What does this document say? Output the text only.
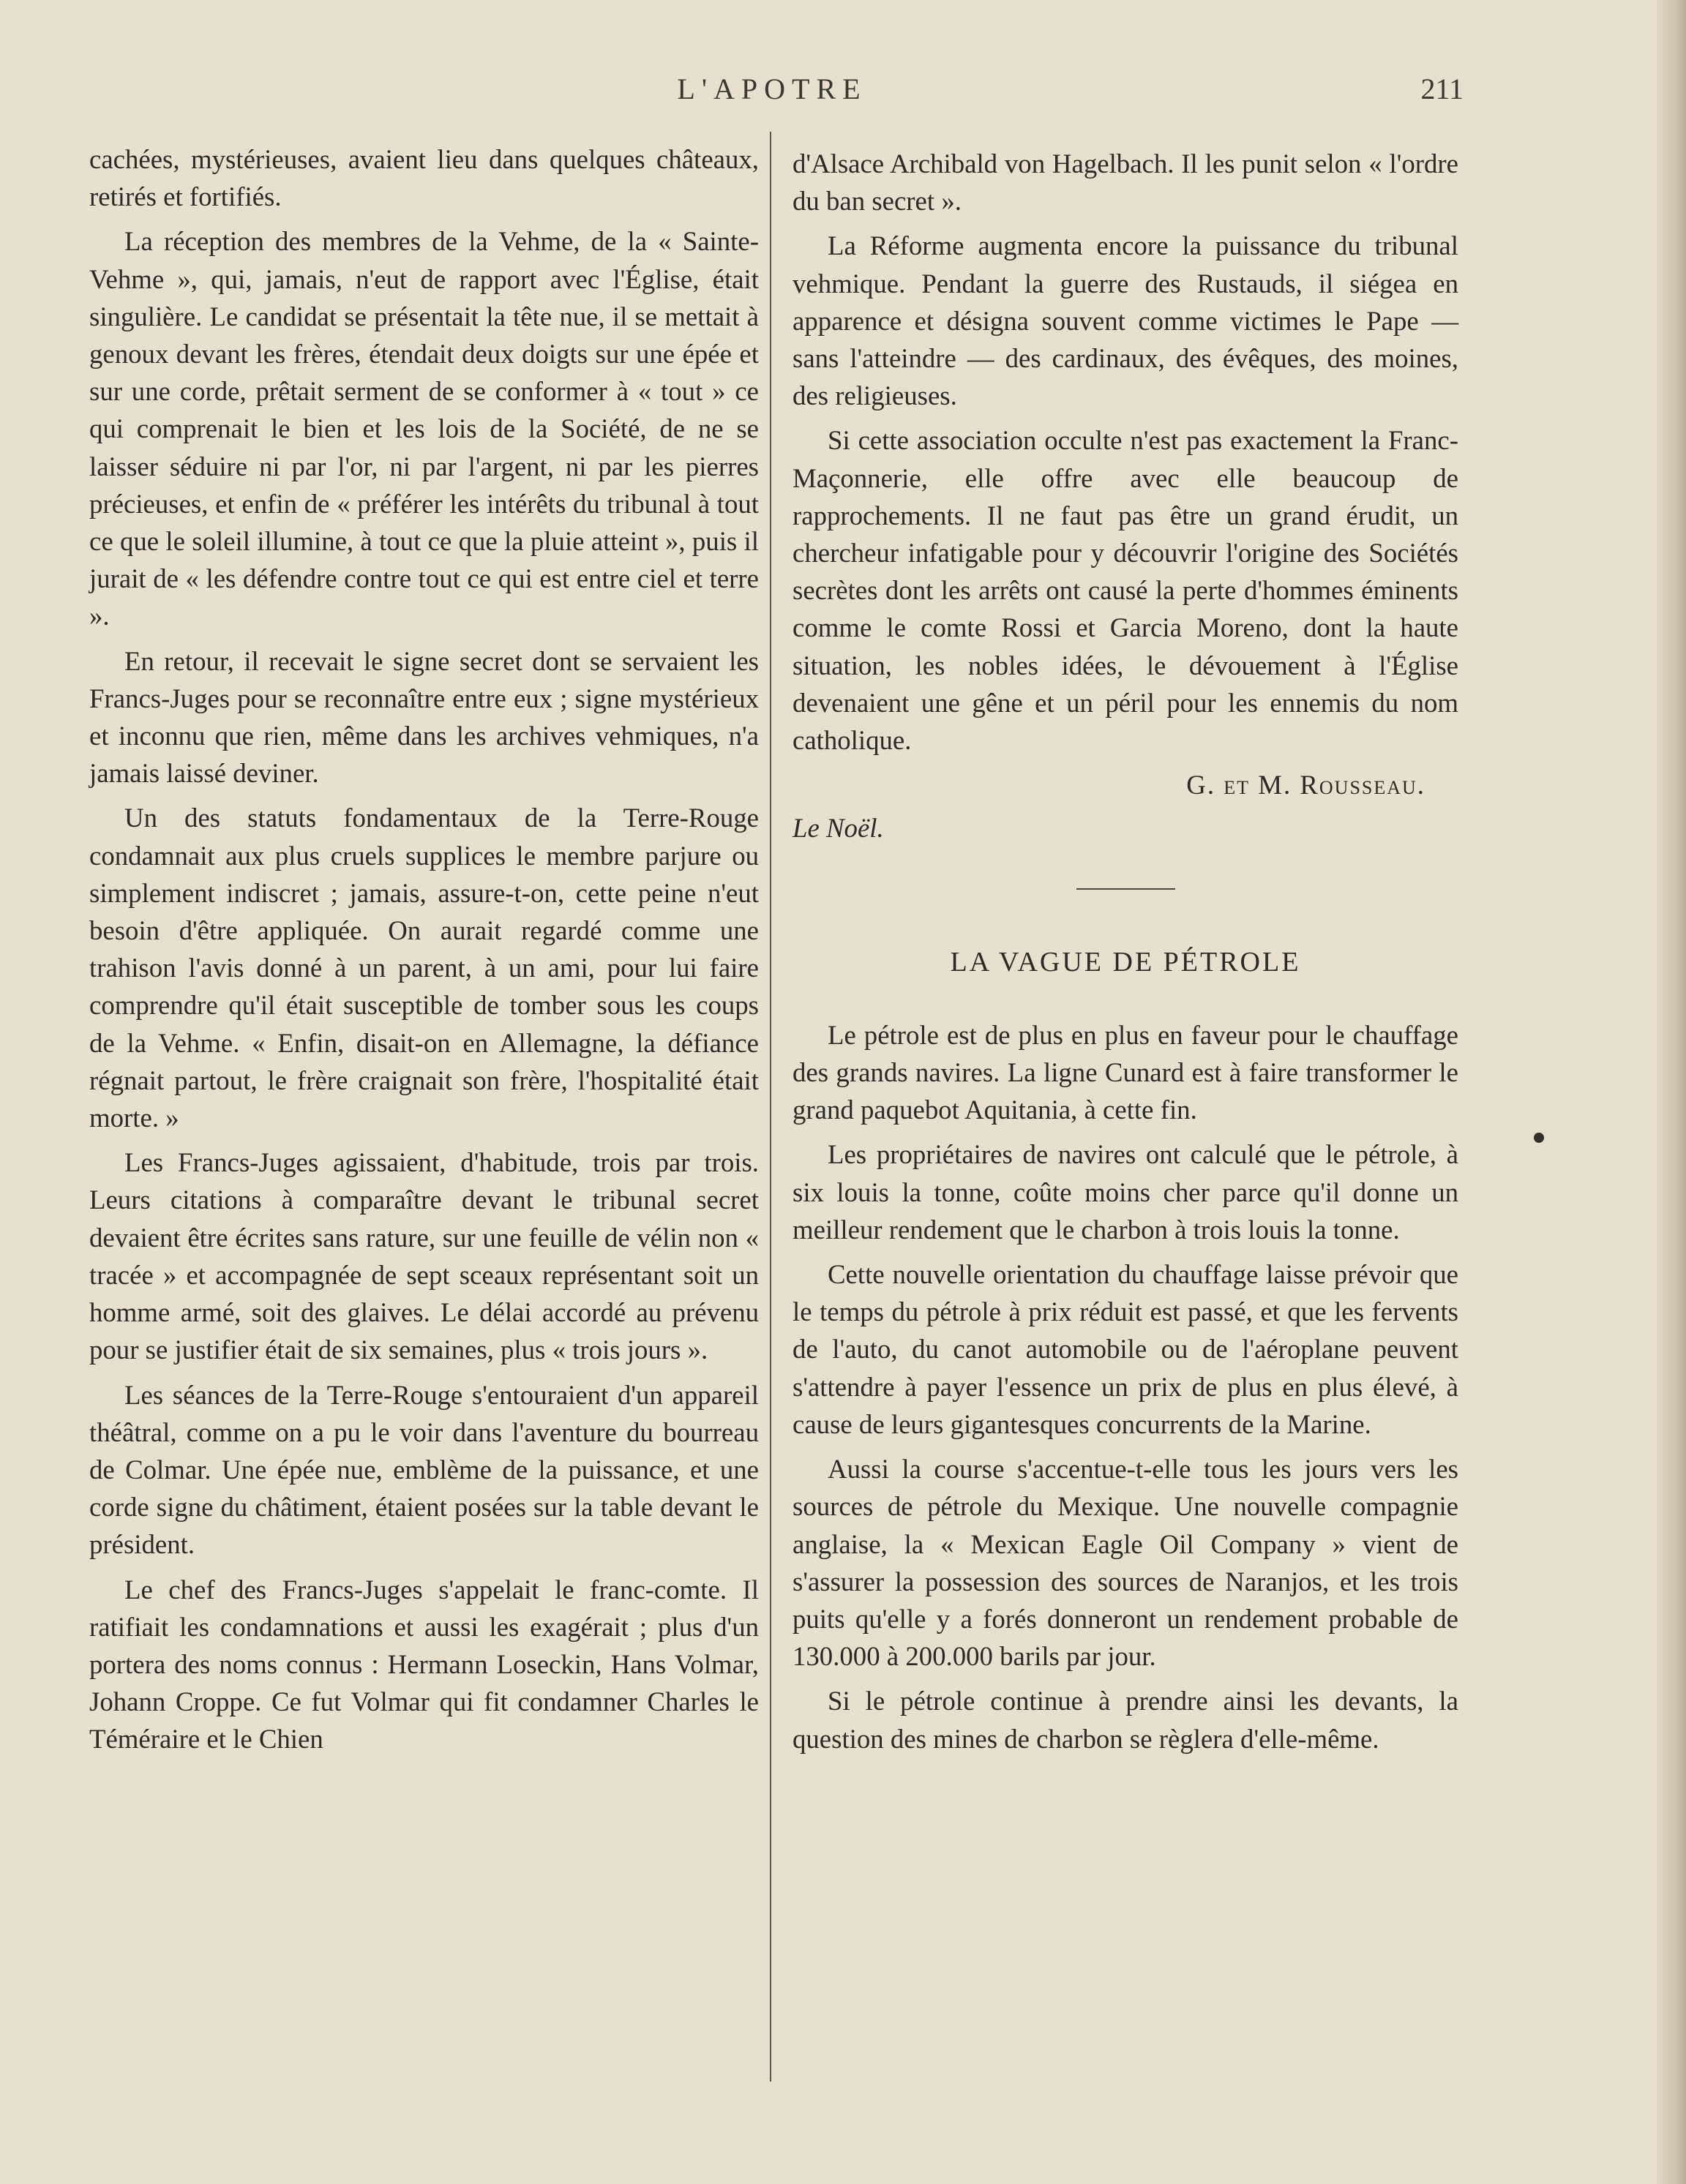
L'APOTRE	211

cachées, mystérieuses, avaient lieu dans quelques châteaux, retirés et fortifiés.

La réception des membres de la Vehme, de la « Sainte-Vehme », qui, jamais, n'eut de rapport avec l'Église, était singulière. Le candidat se présentait la tête nue, il se mettait à genoux devant les frères, étendait deux doigts sur une épée et sur une corde, prêtait serment de se conformer à « tout » ce qui comprenait le bien et les lois de la Société, de ne se laisser séduire ni par l'or, ni par l'argent, ni par les pierres précieuses, et enfin de « préférer les intérêts du tribunal à tout ce que le soleil illumine, à tout ce que la pluie atteint », puis il jurait de « les défendre contre tout ce qui est entre ciel et terre ».

En retour, il recevait le signe secret dont se servaient les Francs-Juges pour se reconnaître entre eux ; signe mystérieux et inconnu que rien, même dans les archives vehmiques, n'a jamais laissé deviner.

Un des statuts fondamentaux de la Terre-Rouge condamnait aux plus cruels supplices le membre parjure ou simplement indiscret ; jamais, assure-t-on, cette peine n'eut besoin d'être appliquée. On aurait regardé comme une trahison l'avis donné à un parent, à un ami, pour lui faire comprendre qu'il était susceptible de tomber sous les coups de la Vehme. « Enfin, disait-on en Allemagne, la défiance régnait partout, le frère craignait son frère, l'hospitalité était morte. »

Les Francs-Juges agissaient, d'habitude, trois par trois. Leurs citations à comparaître devant le tribunal secret devaient être écrites sans rature, sur une feuille de vélin non « tracée » et accompagnée de sept sceaux représentant soit un homme armé, soit des glaives. Le délai accordé au prévenu pour se justifier était de six semaines, plus « trois jours ».

Les séances de la Terre-Rouge s'entouraient d'un appareil théâtral, comme on a pu le voir dans l'aventure du bourreau de Colmar. Une épée nue, emblème de la puissance, et une corde signe du châtiment, étaient posées sur la table devant le président.

Le chef des Francs-Juges s'appelait le franc-comte. Il ratifiait les condamnations et aussi les exagérait ; plus d'un portera des noms connus : Hermann Loseckin, Hans Volmar, Johann Croppe. Ce fut Volmar qui fit condamner Charles le Téméraire et le Chien

d'Alsace Archibald von Hagelbach. Il les punit selon « l'ordre du ban secret ».

La Réforme augmenta encore la puissance du tribunal vehmique. Pendant la guerre des Rustauds, il siégea en apparence et désigna souvent comme victimes le Pape — sans l'atteindre — des cardinaux, des évêques, des moines, des religieuses.

Si cette association occulte n'est pas exactement la Franc-Maçonnerie, elle offre avec elle beaucoup de rapprochements. Il ne faut pas être un grand érudit, un chercheur infatigable pour y découvrir l'origine des Sociétés secrètes dont les arrêts ont causé la perte d'hommes éminents comme le comte Rossi et Garcia Moreno, dont la haute situation, les nobles idées, le dévouement à l'Église devenaient une gêne et un péril pour les ennemis du nom catholique.

G. et M. Rousseau.
Le Noël.
LA VAGUE DE PÉTROLE

Le pétrole est de plus en plus en faveur pour le chauffage des grands navires. La ligne Cunard est à faire transformer le grand paquebot Aquitania, à cette fin.

Les propriétaires de navires ont calculé que le pétrole, à six louis la tonne, coûte moins cher parce qu'il donne un meilleur rendement que le charbon à trois louis la tonne.

Cette nouvelle orientation du chauffage laisse prévoir que le temps du pétrole à prix réduit est passé, et que les fervents de l'auto, du canot automobile ou de l'aéroplane peuvent s'attendre à payer l'essence un prix de plus en plus élevé, à cause de leurs gigantesques concurrents de la Marine.

Aussi la course s'accentue-t-elle tous les jours vers les sources de pétrole du Mexique. Une nouvelle compagnie anglaise, la « Mexican Eagle Oil Company » vient de s'assurer la possession des sources de Naranjos, et les trois puits qu'elle y a forés donneront un rendement probable de 130.000 à 200.000 barils par jour.

Si le pétrole continue à prendre ainsi les devants, la question des mines de charbon se règlera d'elle-même.
